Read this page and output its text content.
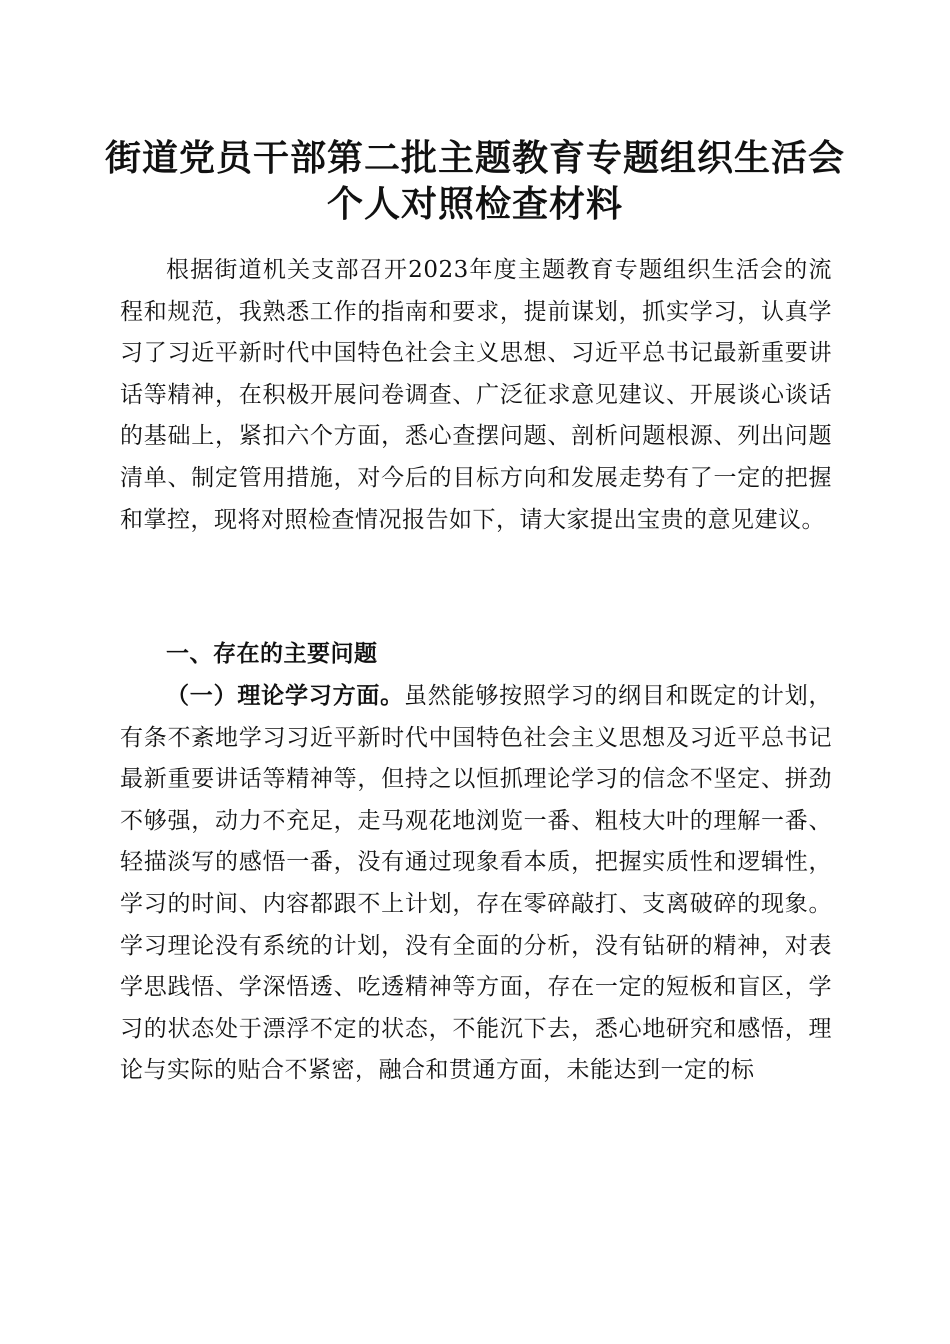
街道党员干部第二批主题教育专题组织生活会
个人对照检查材料

根据街道机关支部召开2023年度主题教育专题组织生活会的流程和规范，我熟悉工作的指南和要求，提前谋划，抓实学习，认真学习了习近平新时代中国特色社会主义思想、习近平总书记最新重要讲话等精神，在积极开展问卷调查、广泛征求意见建议、开展谈心谈话的基础上，紧扣六个方面，悉心查摆问题、剖析问题根源、列出问题清单、制定管用措施，对今后的目标方向和发展走势有了一定的把握和掌控，现将对照检查情况报告如下，请大家提出宝贵的意见建议。

一、存在的主要问题

（一）理论学习方面。虽然能够按照学习的纲目和既定的计划，有条不紊地学习习近平新时代中国特色社会主义思想及习近平总书记最新重要讲话等精神等，但持之以恒抓理论学习的信念不坚定、拼劲不够强，动力不充足，走马观花地浏览一番、粗枝大叶的理解一番、轻描淡写的感悟一番，没有通过现象看本质，把握实质性和逻辑性，学习的时间、内容都跟不上计划，存在零碎敲打、支离破碎的现象。学习理论没有系统的计划，没有全面的分析，没有钻研的精神，对表学思践悟、学深悟透、吃透精神等方面，存在一定的短板和盲区，学习的状态处于漂浮不定的状态，不能沉下去，悉心地研究和感悟，理论与实际的贴合不紧密，融合和贯通方面，未能达到一定的标
